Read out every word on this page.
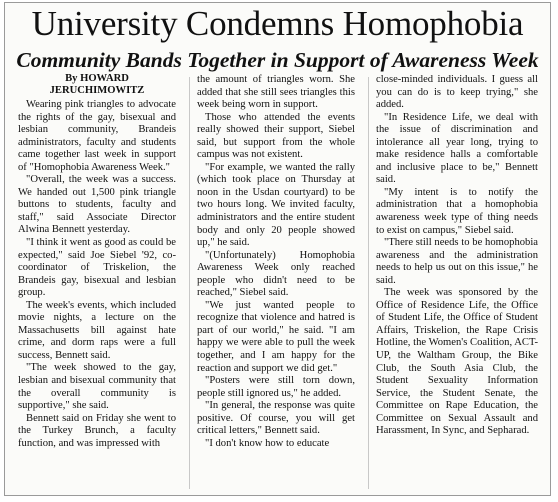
University Condemns Homophobia
Community Bands Together in Support of Awareness Week

By HOWARD JERUCHIMOWITZ

Wearing pink triangles to advocate the rights of the gay, bisexual and lesbian community, Brandeis administrators, faculty and students came together last week in support of "Homophobia Awareness Week."

"Overall, the week was a success. We handed out 1,500 pink triangle buttons to students, faculty and staff," said Associate Director Alwina Bennett yesterday.

"I think it went as good as could be expected," said Joe Siebel '92, co-coordinator of Triskelion, the Brandeis gay, bisexual and lesbian group.

The week's events, which included movie nights, a lecture on the Massachusetts bill against hate crime, and dorm raps were a full success, Bennett said.

"The week showed to the gay, lesbian and bisexual community that the overall community is supportive," she said.

Bennett said on Friday she went to the Turkey Brunch, a faculty function, and was impressed with

the amount of triangles worn. She added that she still sees triangles this week being worn in support.

Those who attended the events really showed their support, Siebel said, but support from the whole campus was not existent.

"For example, we wanted the rally (which took place on Thursday at noon in the Usdan courtyard) to be two hours long. We invited faculty, administrators and the entire student body and only 20 people showed up," he said.

"(Unfortunately) Homophobia Awareness Week only reached people who didn't need to be reached," Siebel said.

"We just wanted people to recognize that violence and hatred is part of our world," he said. "I am happy we were able to pull the week together, and I am happy for the reaction and support we did get."

"Posters were still torn down, people still ignored us," he added.

"In general, the response was quite positive. Of course, you will get critical letters," Bennett said.

"I don't know how to educate

close-minded individuals. I guess all you can do is to keep trying," she added.

"In Residence Life, we deal with the issue of discrimination and intolerance all year long, trying to make residence halls a comfortable and inclusive place to be," Bennett said.

"My intent is to notify the administration that a homophobia awareness week type of thing needs to exist on campus," Siebel said.

"There still needs to be homophobia awareness and the administration needs to help us out on this issue," he said.

The week was sponsored by the Office of Residence Life, the Office of Student Life, the Office of Student Affairs, Triskelion, the Rape Crisis Hotline, the Women's Coalition, ACT-UP, the Waltham Group, the Bike Club, the South Asia Club, the Student Sexuality Information Service, the Student Senate, the Committee on Rape Education, the Committee on Sexual Assault and Harassment, In Sync, and Sepharad.
